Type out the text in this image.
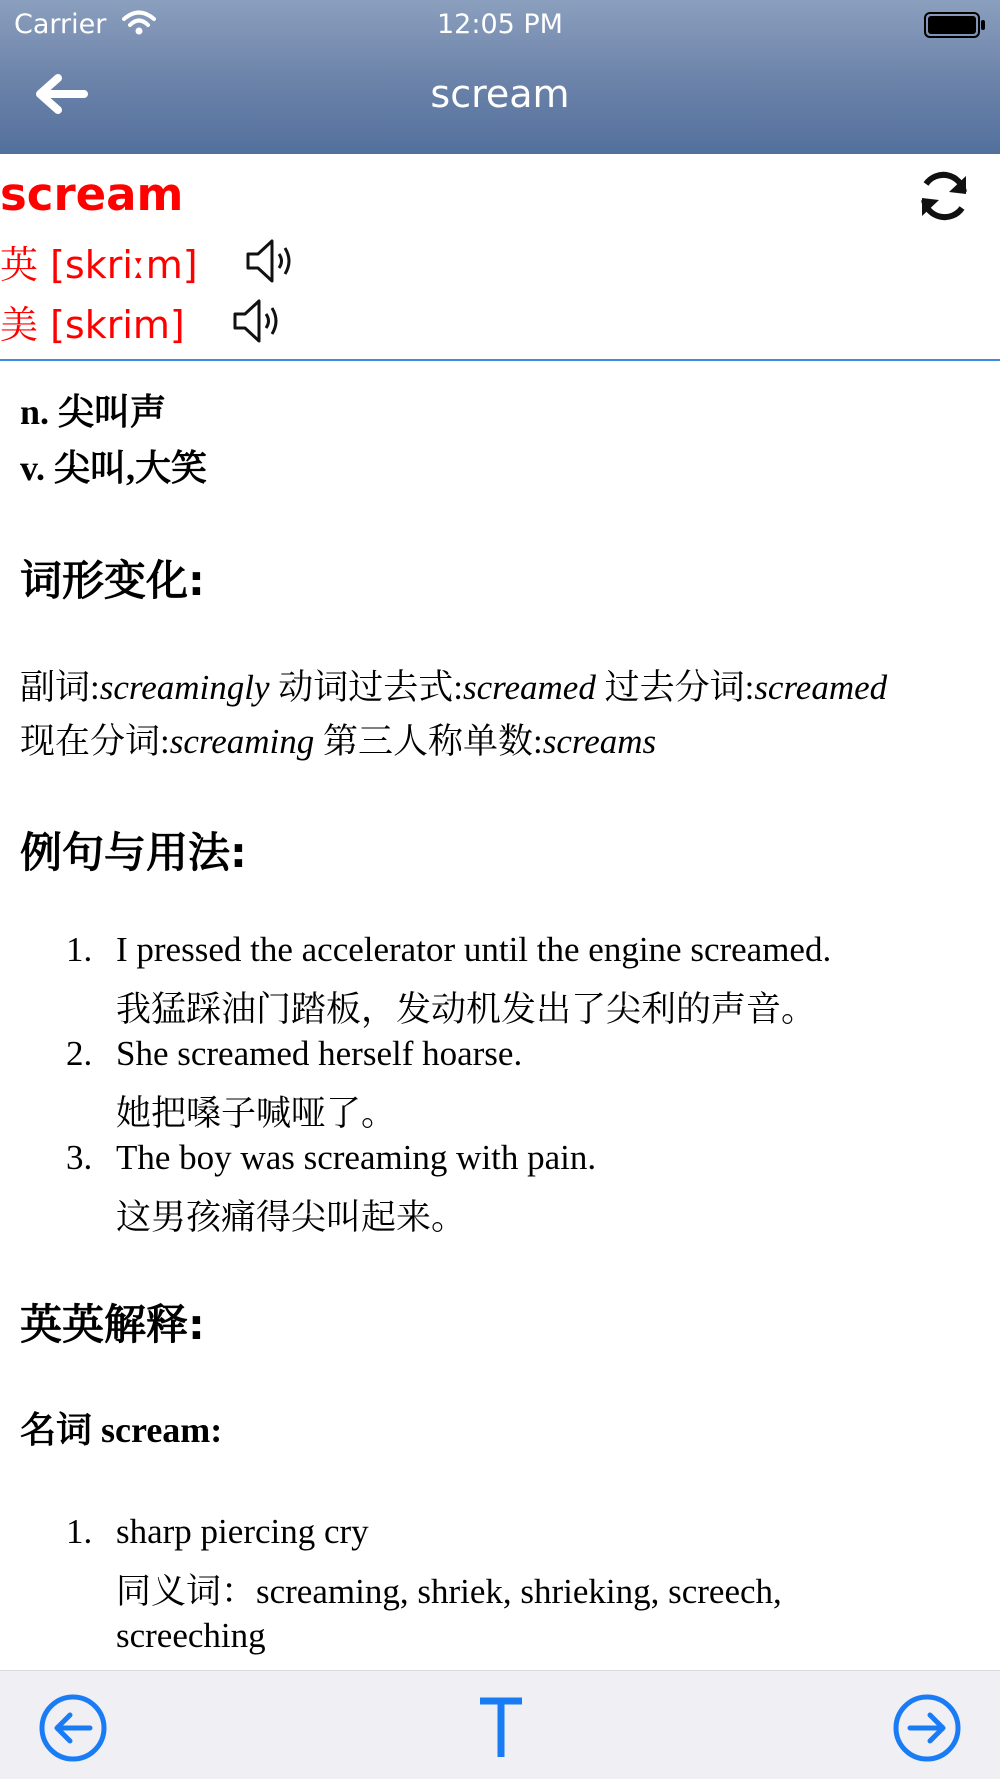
Carrier	12:05 PM
scream
scream
英 [skriːm]
美 [skrim]
n. 尖叫声
v. 尖叫,大笑
词形变化:
副词:screamingly 动词过去式:screamed 过去分词:screamed
现在分词:screaming 第三人称单数:screams
例句与用法:
1. I pressed the accelerator until the engine screamed.
我猛踩油门踏板，发动机发出了尖利的声音。
2. She screamed herself hoarse.
她把嗓子喊哑了。
3. The boy was screaming with pain.
这男孩痛得尖叫起来。
英英解释:
名词 scream:
1. sharp piercing cry
同义词：screaming, shriek, shrieking, screech,
screeching
